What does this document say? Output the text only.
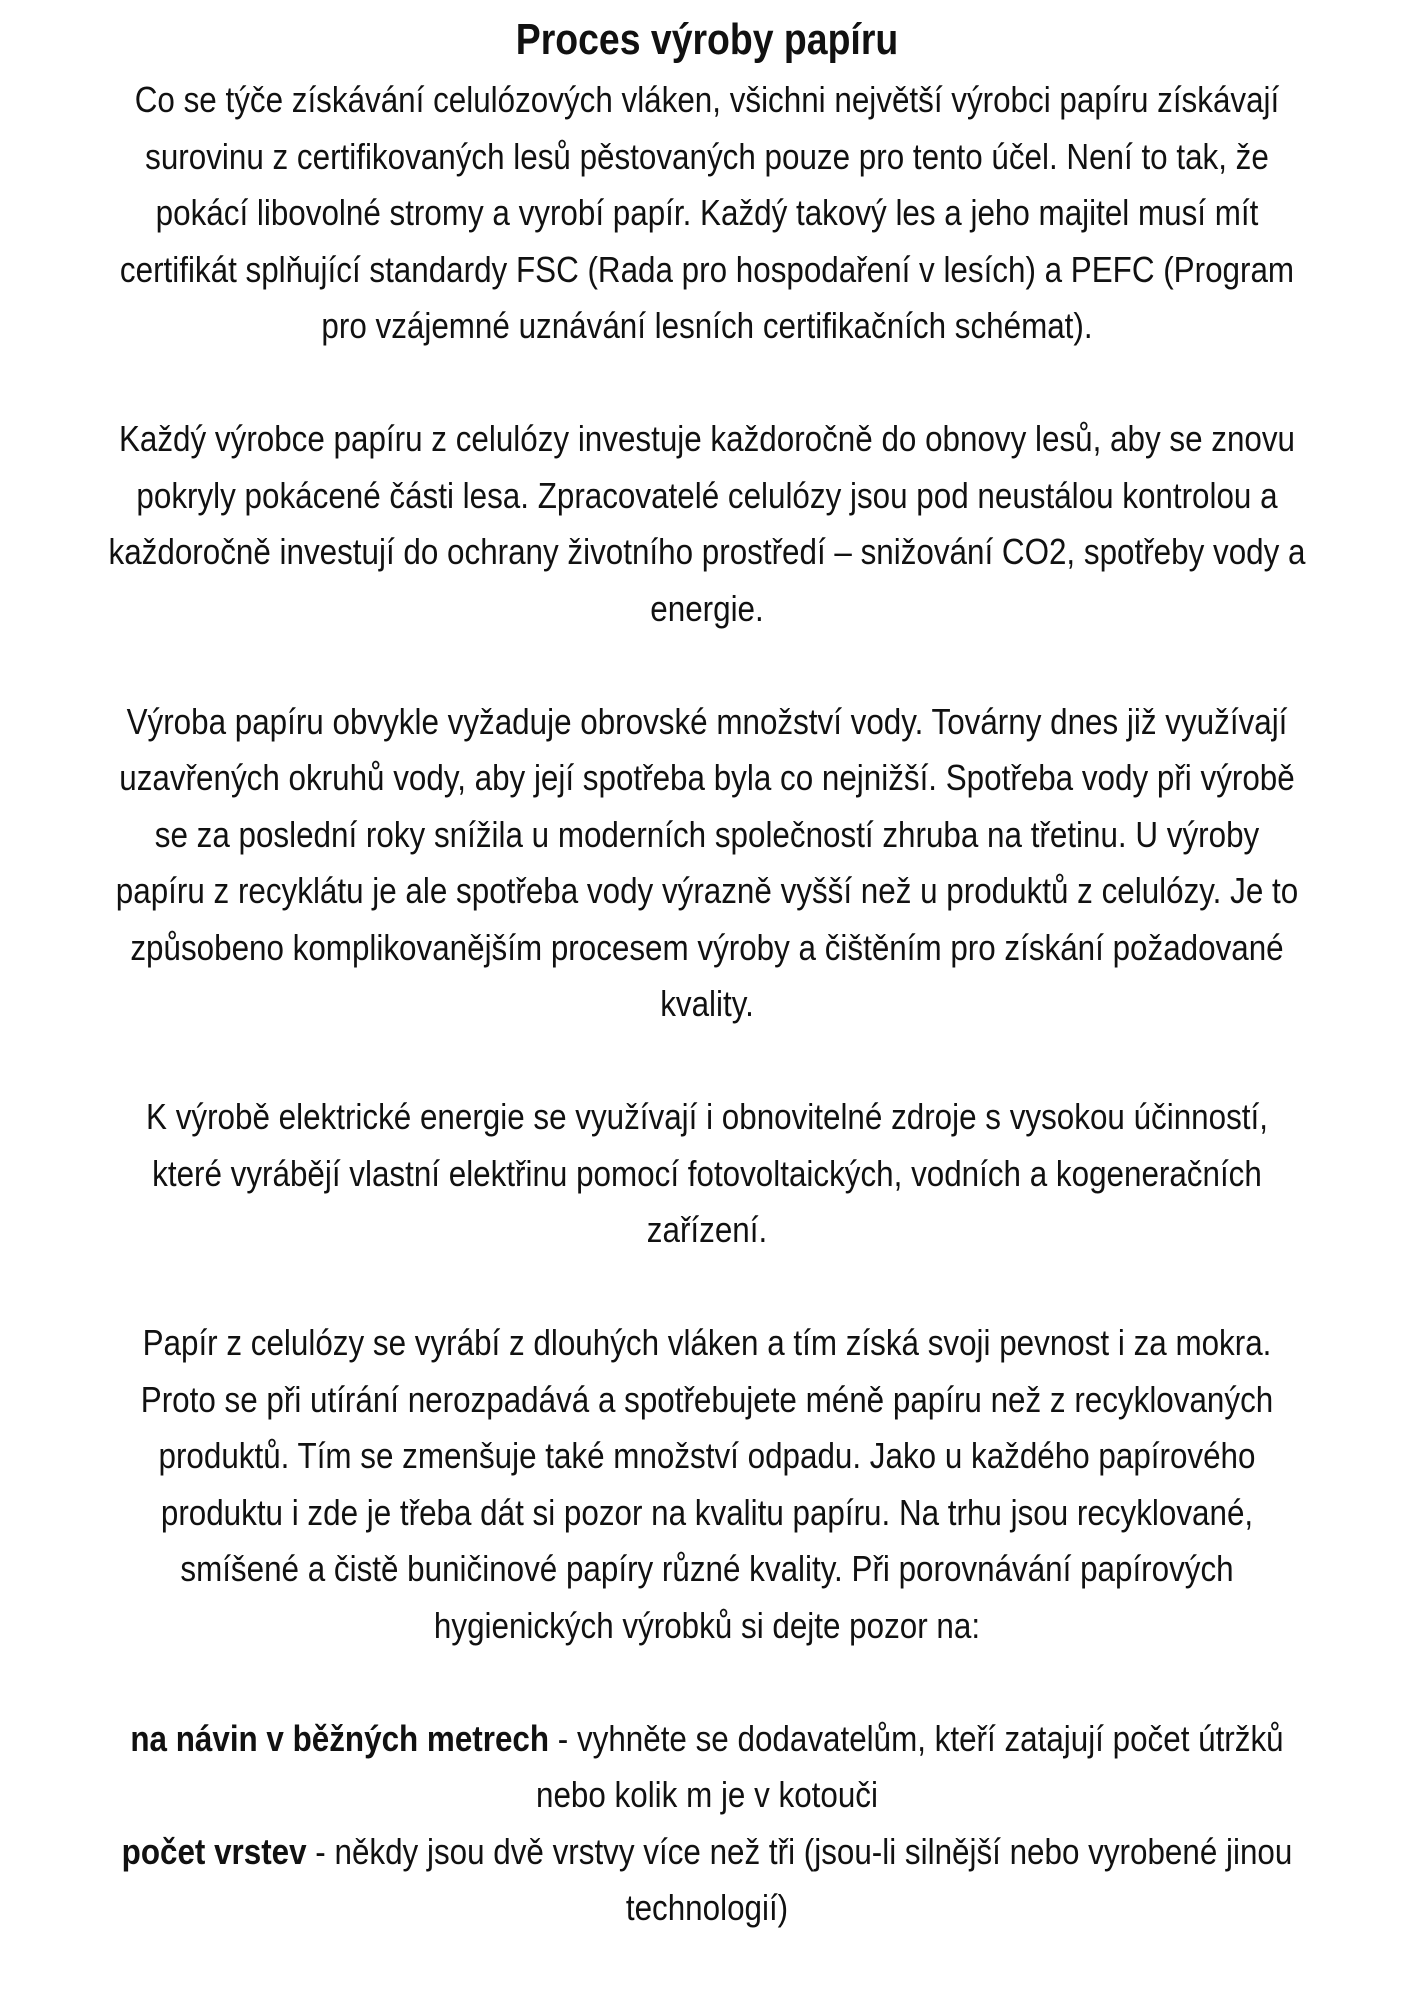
Proces výroby papíru

Co se týče získávání celulózových vláken, všichni největší výrobci papíru získávají surovinu z certifikovaných lesů pěstovaných pouze pro tento účel. Není to tak, že pokácí libovolné stromy a vyrobí papír. Každý takový les a jeho majitel musí mít certifikát splňující standardy FSC (Rada pro hospodaření v lesích) a PEFC (Program pro vzájemné uznávání lesních certifikačních schémat).

Každý výrobce papíru z celulózy investuje každoročně do obnovy lesů, aby se znovu pokryly pokácené části lesa. Zpracovatelé celulózy jsou pod neustálou kontrolou a každoročně investují do ochrany životního prostředí – snižování CO2, spotřeby vody a energie.

Výroba papíru obvykle vyžaduje obrovské množství vody. Továrny dnes již využívají uzavřených okruhů vody, aby její spotřeba byla co nejnižší. Spotřeba vody při výrobě se za poslední roky snížila u moderních společností zhruba na třetinu. U výroby papíru z recyklátu je ale spotřeba vody výrazně vyšší než u produktů z celulózy. Je to způsobeno komplikovanějším procesem výroby a čištěním pro získání požadované kvality.

K výrobě elektrické energie se využívají i obnovitelné zdroje s vysokou účinností, které vyrábějí vlastní elektřinu pomocí fotovoltaických, vodních a kogeneračních zařízení.

Papír z celulózy se vyrábí z dlouhých vláken a tím získá svoji pevnost i za mokra. Proto se při utírání nerozpadává a spotřebujete méně papíru než z recyklovaných produktů. Tím se zmenšuje také množství odpadu. Jako u každého papírového produktu i zde je třeba dát si pozor na kvalitu papíru. Na trhu jsou recyklované, smíšené a čistě buničinové papíry různé kvality. Při porovnávání papírových hygienických výrobků si dejte pozor na:

na návin v běžných metrech - vyhněte se dodavatelům, kteří zatajují počet útržků nebo kolik m je v kotouči

počet vrstev - někdy jsou dvě vrstvy více než tři (jsou-li silnější nebo vyrobené jinou technologií)
